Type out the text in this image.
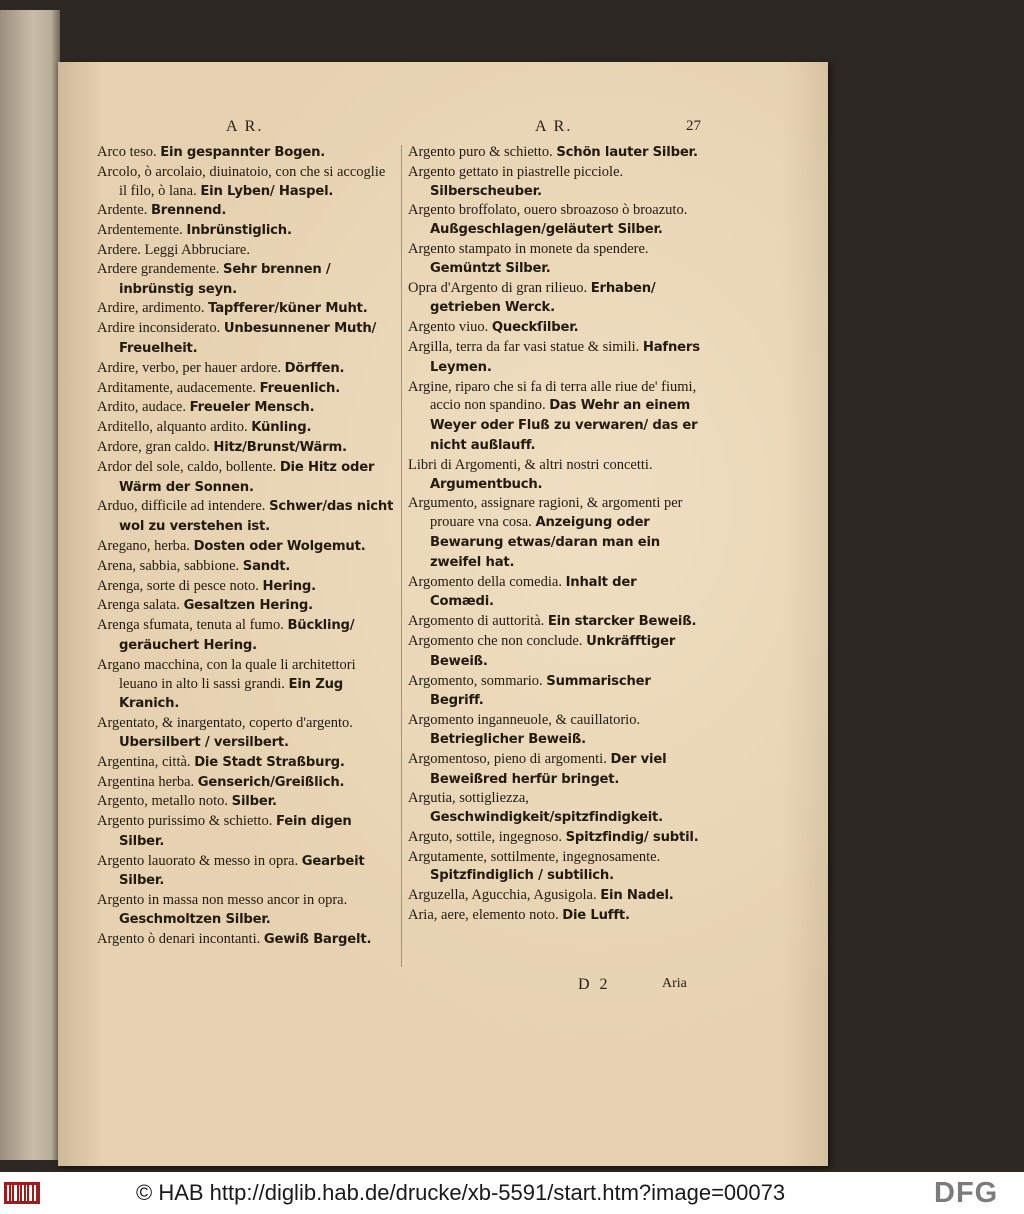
A R.	A R.	27

Arco teso. Ein gespannter Bogen.

Arcolo, ò arcolaio, diuinatoio, con che si accoglie il filo, ò lana. Ein Lyben/ Haspel.

Ardente. Brennend.

Ardentemente. Inbrünstiglich.

Ardere. Leggi Abbruciare.

Ardere grandemente. Sehr brennen / inbrünstig seyn.

Ardire, ardimento. Tapfferer/küner Muht.

Ardire inconsiderato. Unbesunnener Muth/ Freuelheit.

Ardire, verbo, per hauer ardore. Dörffen.

Arditamente, audacemente. Freuenlich.

Ardito, audace. Freueler Mensch.

Arditello, alquanto ardito. Künling.

Ardore, gran caldo. Hitz/Brunst/Wärm.

Ardor del sole, caldo, bollente. Die Hitz oder Wärm der Sonnen.

Arduo, difficile ad intendere. Schwer/das nicht wol zu verstehen ist.

Aregano, herba. Dosten oder Wolgemut.

Arena, sabbia, sabbione. Sandt.

Arenga, sorte di pesce noto. Hering.

Arenga salata. Gesaltzen Hering.

Arenga sfumata, tenuta al fumo. Bückling/ geräuchert Hering.

Argano macchina, con la quale li architettori leuano in alto li sassi grandi. Ein Zug Kranich.

Argentato, & inargentato, coperto d'argento. Ubersilbert / versilbert.

Argentina, città. Die Stadt Straßburg.

Argentina herba. Genserich/Greißlich.

Argento, metallo noto. Silber.

Argento purissimo & schietto. Fein digen Silber.

Argento lauorato & messo in opra. Gearbeit Silber.

Argento in massa non messo ancor in opra. Geschmoltzen Silber.

Argento ò denari incontanti. Gewiß Bargelt.

Argento puro & schietto. Schön lauter Silber.

Argento gettato in piastrelle picciole. Silberscheuber.

Argento broffolato, ouero sbroazoso ò broazuto. Außgeschlagen/geläutert Silber.

Argento stampato in monete da spendere. Gemüntzt Silber.

Opra d'Argento di gran rilieuo. Erhaben/ getrieben Werck.

Argento viuo. Queckſilber.

Argilla, terra da far vasi statue & simili. Hafners Leymen.

Argine, riparo che si fa di terra alle riue de' fiumi, accio non spandino. Das Wehr an einem Weyer oder Fluß zu verwaren/ das er nicht außlauff.

Libri di Argomenti, & altri nostri concetti. Argumentbuch.

Argumento, assignare ragioni, & argomenti per prouare vna cosa. Anzeigung oder Bewarung etwas/daran man ein zweifel hat.

Argomento della comedia. Inhalt der Comædi.

Argomento di auttorità. Ein starcker Beweiß.

Argomento che non conclude. Unkräfftiger Beweiß.

Argomento, sommario. Summarischer Begriff.

Argomento inganneuole, & cauillatorio. Betrieglicher Beweiß.

Argomentoso, pieno di argomenti. Der viel Beweißred herfür bringet.

Argutia, sottigliezza, Geschwindigkeit/spitzfindigkeit.

Arguto, sottile, ingegnoso. Spitzfindig/ subtil.

Argutamente, sottilmente, ingegnosamente. Spitzfindiglich / subtilich.

Arguzella, Agucchia, Agusigola. Ein Nadel.

Aria, aere, elemento noto. Die Lufft.

D 2	Aria
© HAB http://diglib.hab.de/drucke/xb-5591/start.htm?image=00073	DFG
